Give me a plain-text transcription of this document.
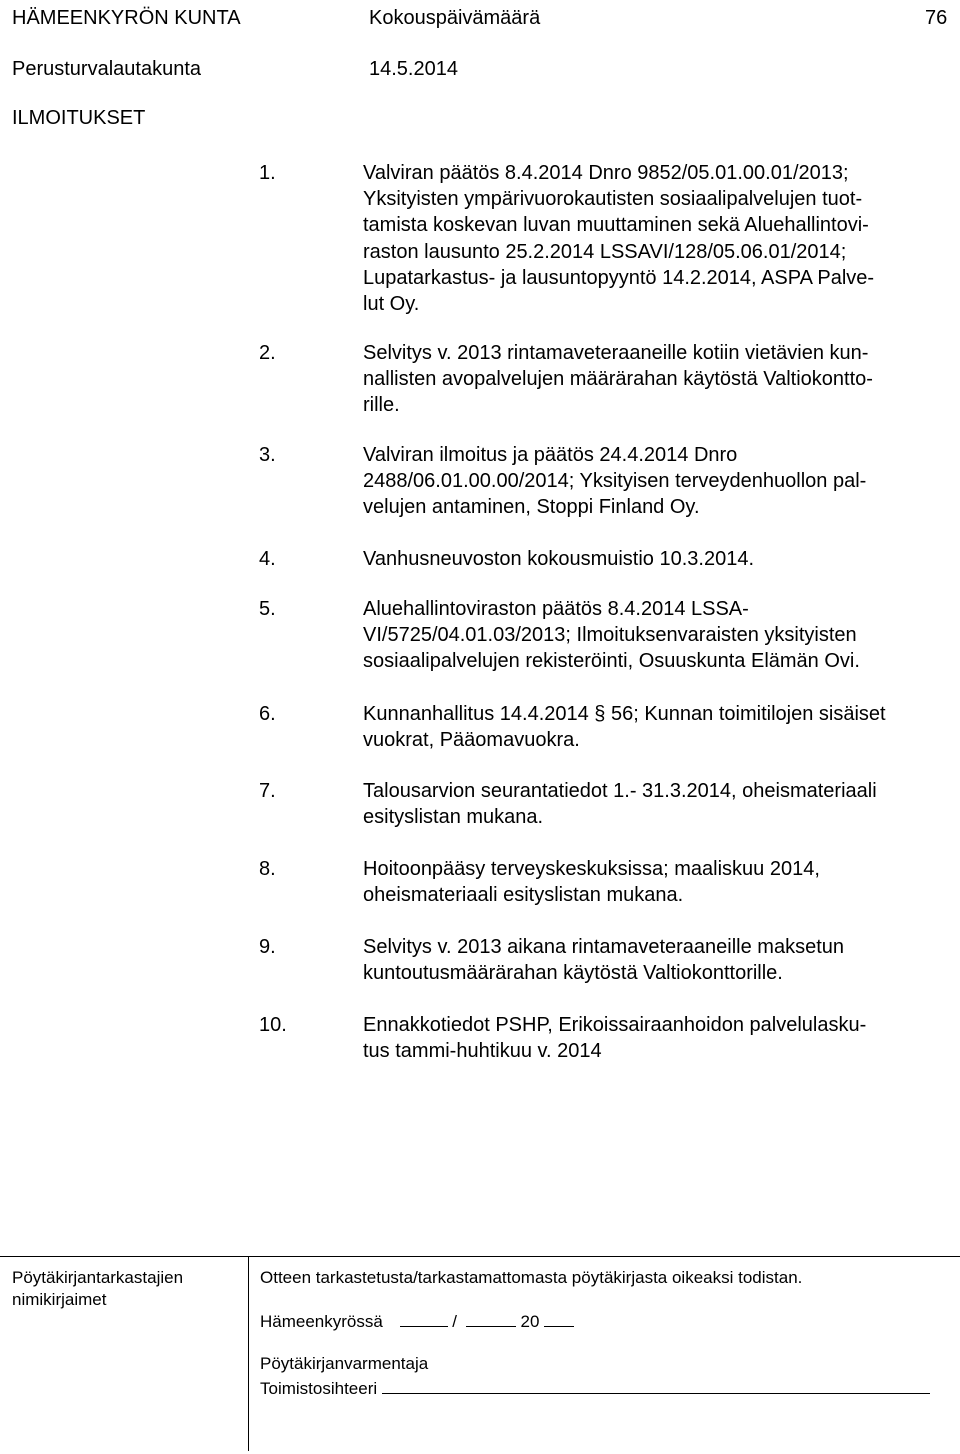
HÄMEENKYRÖN KUNTA	Kokouspäivämäärä	76
Perusturvalautakunta	14.5.2014
ILMOITUKSET
1.	Valviran päätös 8.4.2014 Dnro 9852/05.01.00.01/2013;
Yksityisten ympärivuorokautisten sosiaalipalvelujen tuot-
tamista koskevan luvan muuttaminen sekä Aluehallintovi-
raston lausunto 25.2.2014 LSSAVI/128/05.06.01/2014;
Lupatarkastus- ja lausuntopyyntö 14.2.2014, ASPA Palve-
lut Oy.
2.	Selvitys v. 2013 rintamaveteraaneille kotiin vietävien kun-
nallisten avopalvelujen määrärahan käytöstä Valtiokontto-
rille.
3.	Valviran ilmoitus ja päätös 24.4.2014 Dnro
2488/06.01.00.00/2014; Yksityisen terveydenhuollon pal-
velujen antaminen, Stoppi Finland Oy.
4.	Vanhusneuvoston kokousmuistio 10.3.2014.
5.	Aluehallintoviraston päätös 8.4.2014 LSSA-
VI/5725/04.01.03/2013; Ilmoituksenvaraisten yksityisten
sosiaalipalvelujen rekisteröinti, Osuuskunta Elämän Ovi.
6.	Kunnanhallitus 14.4.2014 § 56; Kunnan toimitilojen sisäiset
vuokrat, Pääomavuokra.
7.	Talousarvion seurantatiedot 1.- 31.3.2014, oheismateriaali
esityslistan mukana.
8.	Hoitoonpääsy terveyskeskuksissa; maaliskuu 2014,
oheismateriaali esityslistan mukana.
9.	Selvitys v. 2013 aikana rintamaveteraaneille maksetun
kuntoutusmäärärahan käytöstä Valtiokonttorille.
10.	Ennakkotiedot PSHP, Erikoissairaanhoidon palvelulasku-
tus tammi-huhtikuu v. 2014
Pöytäkirjantarkastajien
nimikirjaimet
Otteen tarkastetusta/tarkastamattomasta pöytäkirjasta oikeaksi todistan.
Hämeenkyrössä	/	20
Pöytäkirjanvarmentaja
Toimistosihteeri
